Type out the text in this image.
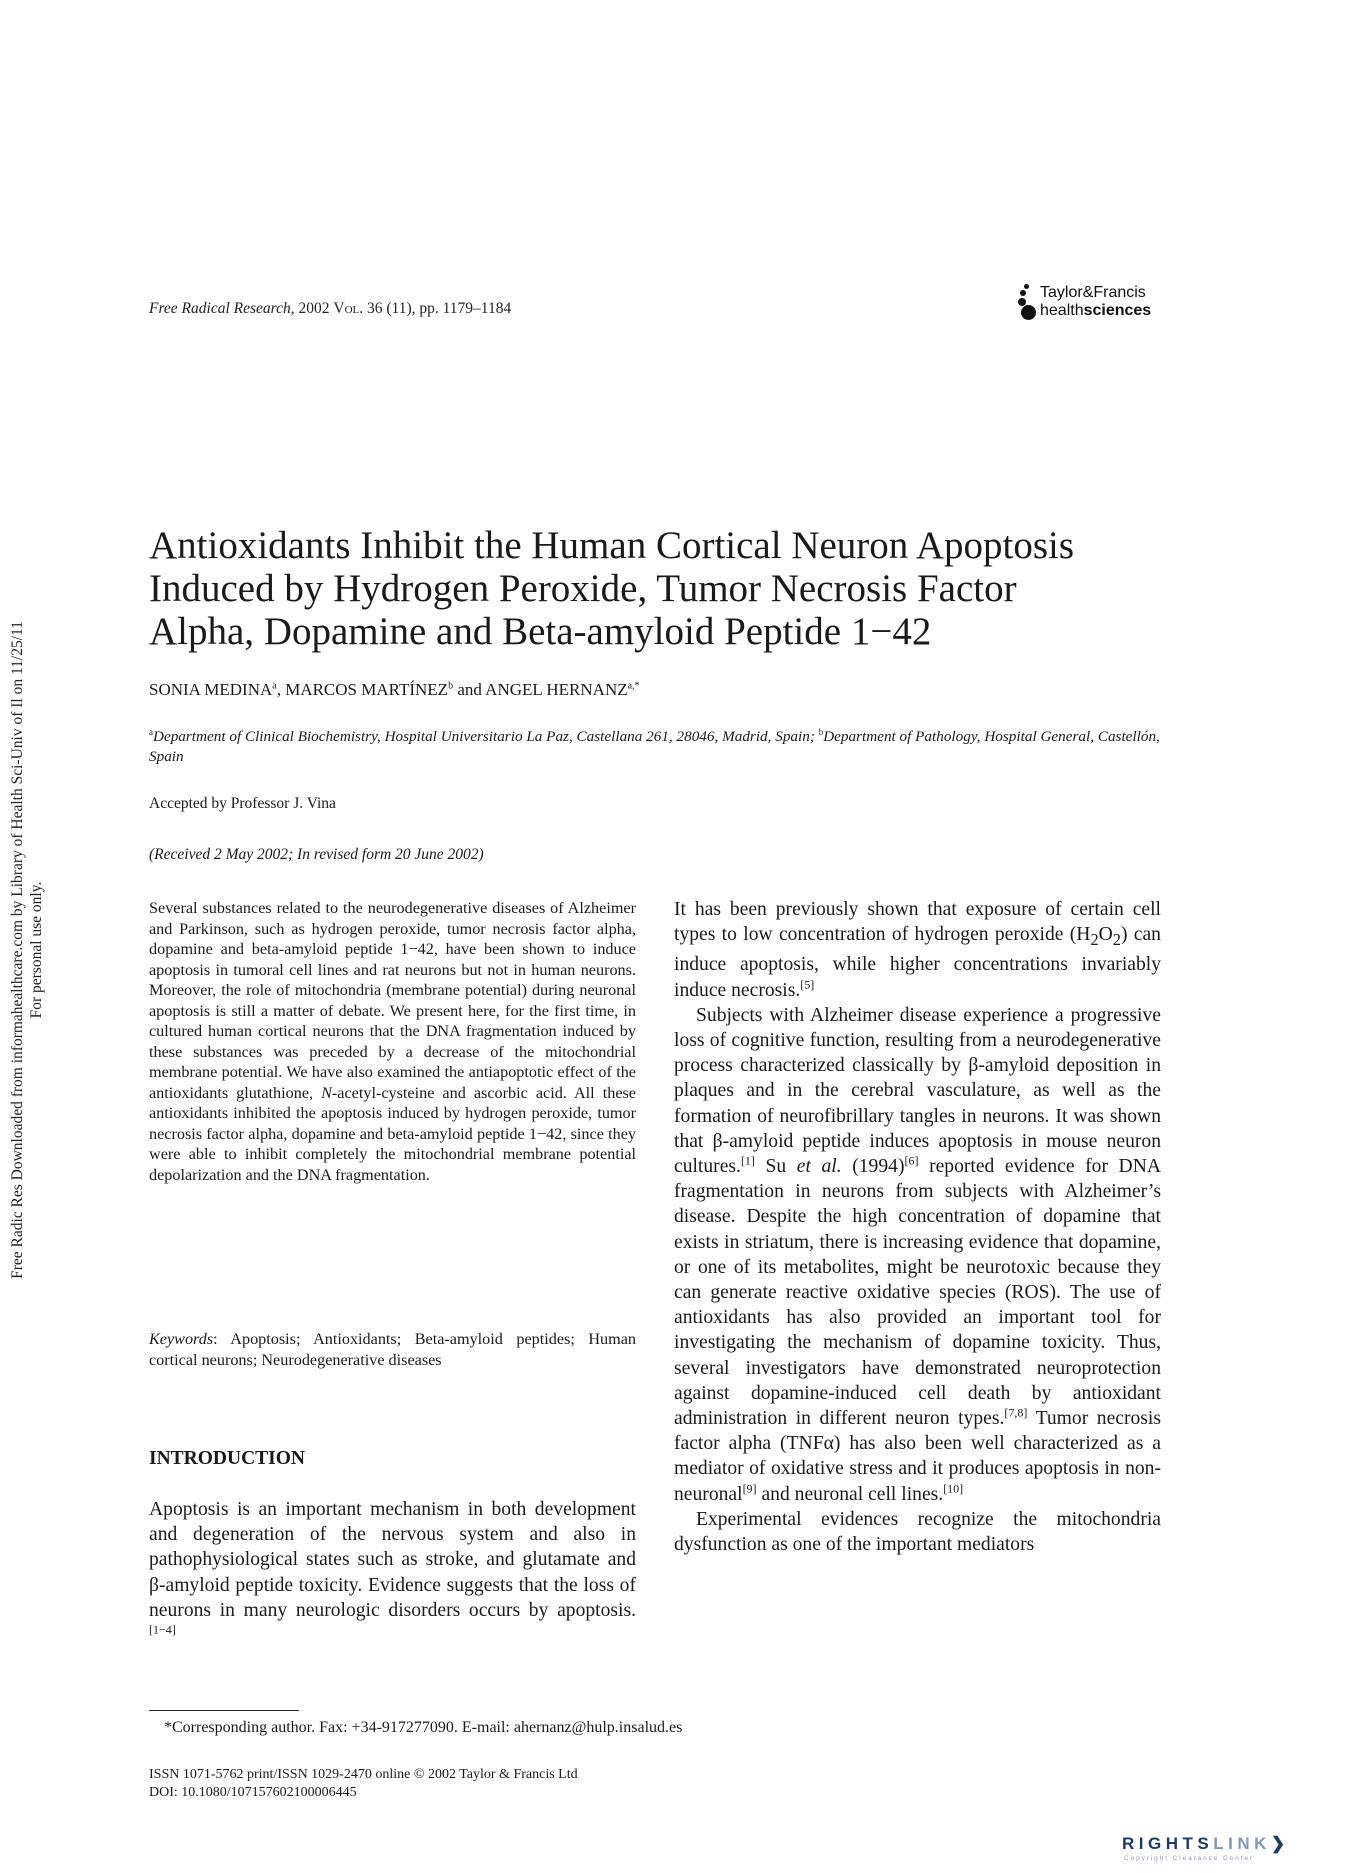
Free Radic Res Downloaded from informahealthcare.com by Library of Health Sci-Univ of Il on 11/25/11 For personal use only.
Free Radical Research, 2002 Vol. 36 (11), pp. 1179–1184
Taylor&Francis
healthsciences
Antioxidants Inhibit the Human Cortical Neuron Apoptosis
Induced by Hydrogen Peroxide, Tumor Necrosis Factor
Alpha, Dopamine and Beta-amyloid Peptide 1−42
SONIA MEDINA$^a$, MARCOS MARTÍNEZ$^b$ and ANGEL $HERNANZ^{a,*}$
$^a$Department of Clinical Biochemistry, Hospital Universitario La Paz, Castellana 261, 28046, Madrid, Spain; $^b$Department of Pathology, Hospital General, Castellón, Spain
Accepted by Professor J. Vina
(Received 2 May 2002; In revised form 20 June 2002)
Several substances related to the neurodegenerative diseases of Alzheimer and Parkinson, such as hydrogen peroxide, tumor necrosis factor alpha, dopamine and beta-amyloid peptide 1−42, have been shown to induce apoptosis in tumoral cell lines and rat neurons but not in human neurons. Moreover, the role of mitochondria (membrane potential) during neuronal apoptosis is still a matter of debate. We present here, for the first time, in cultured human cortical neurons that the DNA fragmentation induced by these substances was preceded by a decrease of the mitochondrial membrane potential. We have also examined the antiapoptotic effect of the antioxidants glutathione, N-acetyl-cysteine and ascorbic acid. All these antioxidants inhibited the apoptosis induced by hydrogen peroxide, tumor necrosis factor alpha, dopamine and beta-amyloid peptide 1−42, since they were able to inhibit completely the mitochondrial membrane potential depolarization and the DNA fragmentation.
Keywords: Apoptosis; Antioxidants; Beta-amyloid peptides; Human cortical neurons; Neurodegenerative diseases
INTRODUCTION
Apoptosis is an important mechanism in both development and degeneration of the nervous system and also in pathophysiological states such as stroke, and glutamate and β-amyloid peptide toxicity. Evidence suggests that the loss of neurons in many neurologic disorders occurs by apoptosis.[1−4]

It has been previously shown that exposure of certain cell types to low concentration of hydrogen peroxide $(H_2O_2)$ can induce apoptosis, while higher concentrations invariably induce necrosis.[5]

Subjects with Alzheimer disease experience a progressive loss of cognitive function, resulting from a neurodegenerative process characterized classically by β-amyloid deposition in plaques and in the cerebral vasculature, as well as the formation of neurofibrillary tangles in neurons. It was shown that β-amyloid peptide induces apoptosis in mouse neuron cultures.[1] Su et al. (1994)[6] reported evidence for DNA fragmentation in neurons from subjects with Alzheimer’s disease. Despite the high concentration of dopamine that exists in striatum, there is increasing evidence that dopamine, or one of its metabolites, might be neurotoxic because they can generate reactive oxidative species (ROS). The use of antioxidants has also provided an important tool for investigating the mechanism of dopamine toxicity. Thus, several investigators have demonstrated neuroprotection against dopamine-induced cell death by antioxidant administration in different neuron types.[7,8] Tumor necrosis factor alpha (TNFα) has also been well characterized as a mediator of oxidative stress and it produces apoptosis in non-neuronal[9] and neuronal cell lines.[10]

Experimental evidences recognize the mitochondria dysfunction as one of the important mediators

*Corresponding author. Fax: +34-917277090. E-mail: ahernanz@hulp.insalud.es
ISSN 1071-5762 print/ISSN 1029-2470 online © 2002 Taylor & Francis Ltd
DOI: 10.1080/107157602100006445
RIGHTSLINK❯
Copyright Clearance Center
